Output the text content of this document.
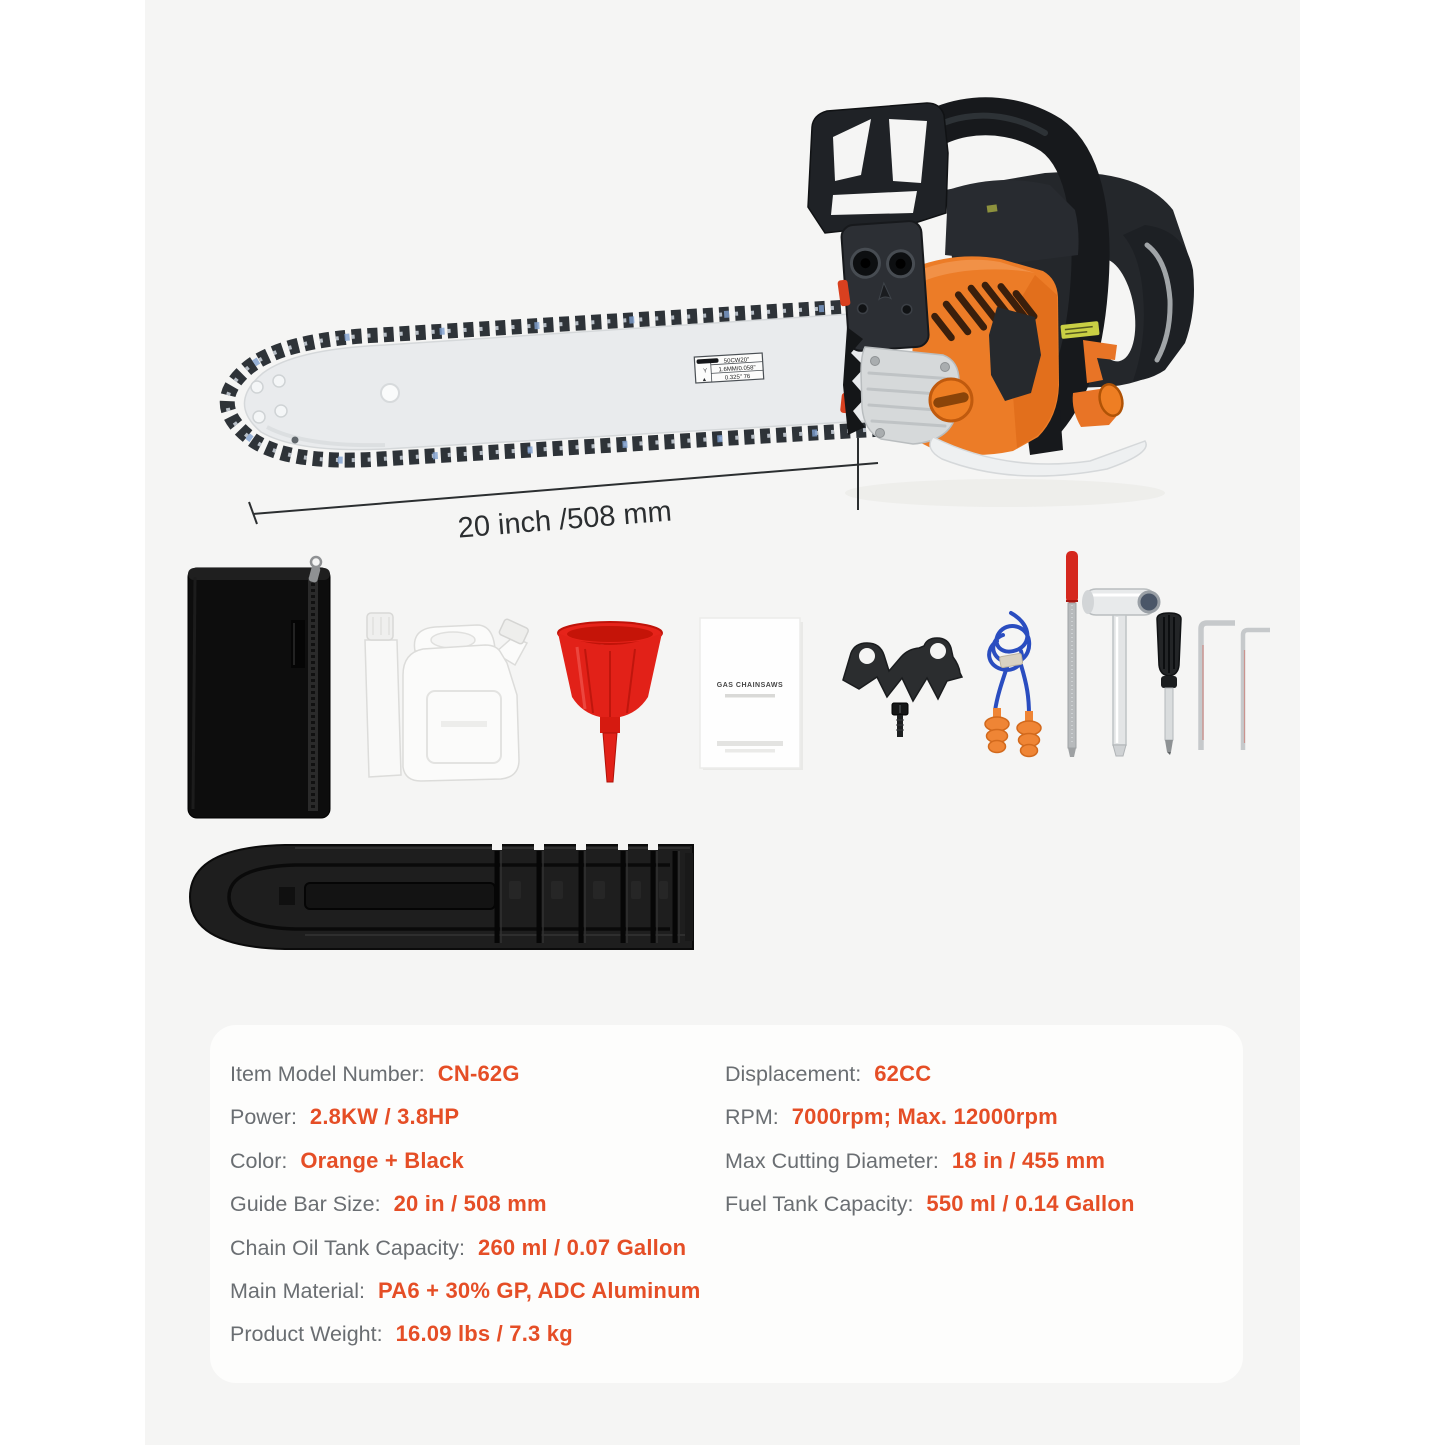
Y
▲
50CW20"
1.6MM/0.058"
0.325" 76
20 inch /508 mm
GAS CHAINSAWS
Item Model Number: CN-62G
Power: 2.8KW / 3.8HP
Color: Orange + Black
Guide Bar Size: 20 in / 508 mm
Chain Oil Tank Capacity: 260 ml / 0.07 Gallon
Main Material: PA6 + 30% GP, ADC Aluminum
Product Weight: 16.09 lbs / 7.3 kg
Displacement: 62CC
RPM: 7000rpm; Max. 12000rpm
Max Cutting Diameter: 18 in / 455 mm
Fuel Tank Capacity: 550 ml / 0.14 Gallon
